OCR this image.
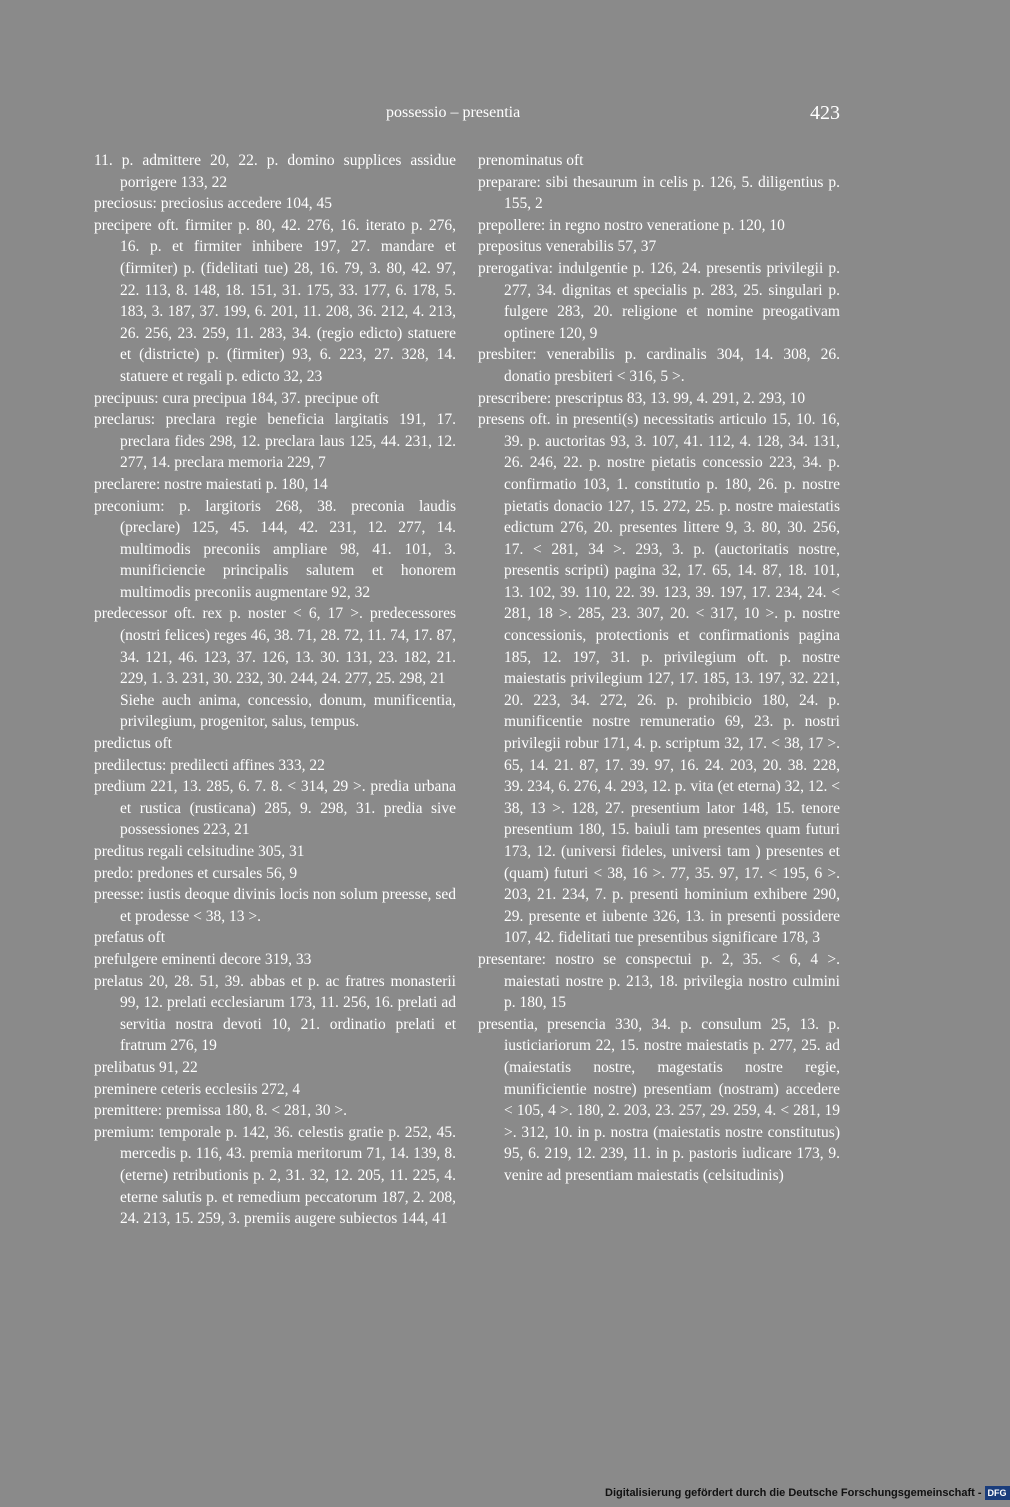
possessio – presentia	423
11. p. admittere 20, 22. p. domino supplices assidue porrigere 133, 22
preciosus: preciosius accedere 104, 45
precipere oft. firmiter p. 80, 42. 276, 16. iterato p. 276, 16. p. et firmiter inhibere 197, 27. mandare et (firmiter) p. (fidelitati tue) 28, 16. 79, 3. 80, 42. 97, 22. 113, 8. 148, 18. 151, 31. 175, 33. 177, 6. 178, 5. 183, 3. 187, 37. 199, 6. 201, 11. 208, 36. 212, 4. 213, 26. 256, 23. 259, 11. 283, 34. (regio edicto) statuere et (districte) p. (firmiter) 93, 6. 223, 27. 328, 14. statuere et regali p. edicto 32, 23
precipuus: cura precipua 184, 37. precipue oft
preclarus: preclara regie beneficia largitatis 191, 17. preclara fides 298, 12. preclara laus 125, 44. 231, 12. 277, 14. preclara memoria 229, 7
preclarere: nostre maiestati p. 180, 14
preconium: p. largitoris 268, 38. preconia laudis (preclare) 125, 45. 144, 42. 231, 12. 277, 14. multimodis preconiis ampliare 98, 41. 101, 3. munificiencie principalis salutem et honorem multimodis preconiis augmentare 92, 32
predecessor oft. rex p. noster < 6, 17 >. predecessores (nostri felices) reges 46, 38. 71, 28. 72, 11. 74, 17. 87, 34. 121, 46. 123, 37. 126, 13. 30. 131, 23. 182, 21. 229, 1. 3. 231, 30. 232, 30. 244, 24. 277, 25. 298, 21
Siehe auch anima, concessio, donum, munificentia, privilegium, progenitor, salus, tempus.
predictus oft
predilectus: predilecti affines 333, 22
predium 221, 13. 285, 6. 7. 8. < 314, 29 >. predia urbana et rustica (rusticana) 285, 9. 298, 31. predia sive possessiones 223, 21
preditus regali celsitudine 305, 31
predo: predones et cursales 56, 9
preesse: iustis deoque divinis locis non solum preesse, sed et prodesse < 38, 13 >.
prefatus oft
prefulgere eminenti decore 319, 33
prelatus 20, 28. 51, 39. abbas et p. ac fratres monasterii 99, 12. prelati ecclesiarum 173, 11. 256, 16. prelati ad servitia nostra devoti 10, 21. ordinatio prelati et fratrum 276, 19
prelibatus 91, 22
preminere ceteris ecclesiis 272, 4
premittere: premissa 180, 8. < 281, 30 >.
premium: temporale p. 142, 36. celestis gratie p. 252, 45. mercedis p. 116, 43. premia meritorum 71, 14. 139, 8. (eterne) retributionis p. 2, 31. 32, 12. 205, 11. 225, 4. eterne salutis p. et remedium peccatorum 187, 2. 208, 24. 213, 15. 259, 3. premiis augere subiectos 144, 41
prenominatus oft
preparare: sibi thesaurum in celis p. 126, 5. diligentius p. 155, 2
prepollere: in regno nostro veneratione p. 120, 10
prepositus venerabilis 57, 37
prerogativa: indulgentie p. 126, 24. presentis privilegii p. 277, 34. dignitas et specialis p. 283, 25. singulari p. fulgere 283, 20. religione et nomine preogativam optinere 120, 9
presbiter: venerabilis p. cardinalis 304, 14. 308, 26. donatio presbiteri < 316, 5 >.
prescribere: prescriptus 83, 13. 99, 4. 291, 2. 293, 10
presens oft. in presenti(s) necessitatis articulo 15, 10. 16, 39. p. auctoritas 93, 3. 107, 41. 112, 4. 128, 34. 131, 26. 246, 22. p. nostre pietatis concessio 223, 34. p. confirmatio 103, 1. constitutio p. 180, 26. p. nostre pietatis donacio 127, 15. 272, 25. p. nostre maiestatis edictum 276, 20. presentes littere 9, 3. 80, 30. 256, 17. < 281, 34 >. 293, 3. p. (auctoritatis nostre, presentis scripti) pagina 32, 17. 65, 14. 87, 18. 101, 13. 102, 39. 110, 22. 39. 123, 39. 197, 17. 234, 24. < 281, 18 >. 285, 23. 307, 20. < 317, 10 >. p. nostre concessionis, protectionis et confirmationis pagina 185, 12. 197, 31. p. privilegium oft. p. nostre maiestatis privilegium 127, 17. 185, 13. 197, 32. 221, 20. 223, 34. 272, 26. p. prohibicio 180, 24. p. munificentie nostre remuneratio 69, 23. p. nostri privilegii robur 171, 4. p. scriptum 32, 17. < 38, 17 >. 65, 14. 21. 87, 17. 39. 97, 16. 24. 203, 20. 38. 228, 39. 234, 6. 276, 4. 293, 12. p. vita (et eterna) 32, 12. < 38, 13 >. 128, 27. presentium lator 148, 15. tenore presentium 180, 15. baiuli tam presentes quam futuri 173, 12. (universi fideles, universi tam ) presentes et (quam) futuri < 38, 16 >. 77, 35. 97, 17. < 195, 6 >. 203, 21. 234, 7. p. presenti hominium exhibere 290, 29. presente et iubente 326, 13. in presenti possidere 107, 42. fidelitati tue presentibus significare 178, 3
presentare: nostro se conspectui p. 2, 35. < 6, 4 >. maiestati nostre p. 213, 18. privilegia nostro culmini p. 180, 15
presentia, presencia 330, 34. p. consulum 25, 13. p. iusticiariorum 22, 15. nostre maiestatis p. 277, 25. ad (maiestatis nostre, magestatis nostre regie, munificientie nostre) presentiam (nostram) accedere < 105, 4 >. 180, 2. 203, 23. 257, 29. 259, 4. < 281, 19 >. 312, 10. in p. nostra (maiestatis nostre constitutus) 95, 6. 219, 12. 239, 11. in p. pastoris iudicare 173, 9. venire ad presentiam maiestatis (celsitudinis)
Digitalisierung gefördert durch die Deutsche Forschungsgemeinschaft - DFG
